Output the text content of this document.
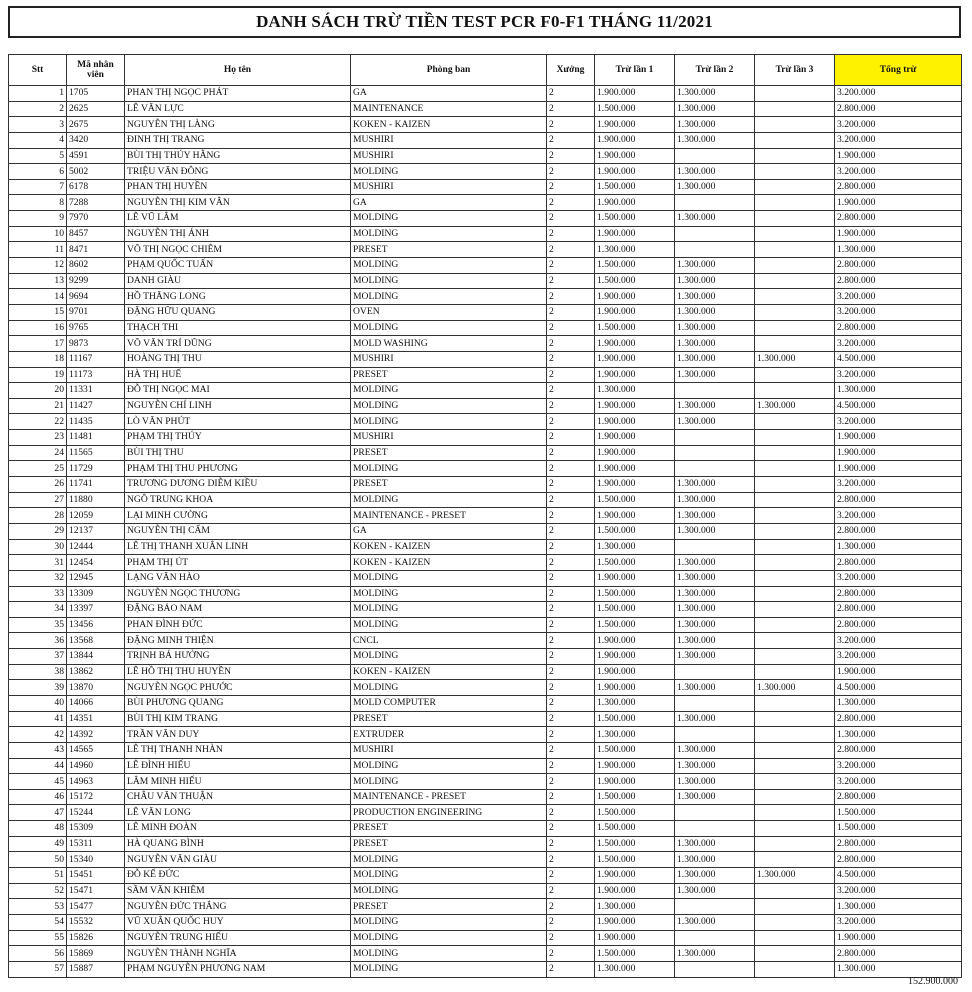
DANH SÁCH TRỪ TIỀN TEST PCR F0-F1 THÁNG 11/2021
Stt	Mã nhân viên	Họ tên	Phòng ban	Xưởng	Trừ lần 1	Trừ lần 2	Trừ lần 3	Tổng trừ
1	1705	PHAN THỊ NGỌC PHÁT	GA	2	1.900.000	1.300.000		3.200.000
2	2625	LÊ VĂN LỰC	MAINTENANCE	2	1.500.000	1.300.000		2.800.000
3	2675	NGUYỄN THỊ LÀNG	KOKEN - KAIZEN	2	1.900.000	1.300.000		3.200.000
4	3420	ĐINH THỊ TRANG	MUSHIRI	2	1.900.000	1.300.000		3.200.000
5	4591	BÙI THỊ THÚY HẰNG	MUSHIRI	2	1.900.000			1.900.000
6	5002	TRIỆU VĂN ĐÔNG	MOLDING	2	1.900.000	1.300.000		3.200.000
7	6178	PHAN THỊ HUYỀN	MUSHIRI	2	1.500.000	1.300.000		2.800.000
8	7288	NGUYỄN THỊ KIM VÂN	GA	2	1.900.000			1.900.000
9	7970	LÊ VŨ LÂM	MOLDING	2	1.500.000	1.300.000		2.800.000
10	8457	NGUYỄN THỊ ÁNH	MOLDING	2	1.900.000			1.900.000
11	8471	VÕ THỊ NGỌC CHIÊM	PRESET	2	1.300.000			1.300.000
12	8602	PHẠM QUỐC TUẤN	MOLDING	2	1.500.000	1.300.000		2.800.000
13	9299	DANH GIÀU	MOLDING	2	1.500.000	1.300.000		2.800.000
14	9694	HỒ THĂNG LONG	MOLDING	2	1.900.000	1.300.000		3.200.000
15	9701	ĐẶNG HỮU QUANG	OVEN	2	1.900.000	1.300.000		3.200.000
16	9765	THẠCH THI	MOLDING	2	1.500.000	1.300.000		2.800.000
17	9873	VÕ VĂN TRÍ DŨNG	MOLD WASHING	2	1.900.000	1.300.000		3.200.000
18	11167	HOÀNG THỊ THU	MUSHIRI	2	1.900.000	1.300.000	1.300.000	4.500.000
19	11173	HÀ THỊ HUẾ	PRESET	2	1.900.000	1.300.000		3.200.000
20	11331	ĐỖ THỊ NGỌC MAI	MOLDING	2	1.300.000			1.300.000
21	11427	NGUYỄN CHÍ LINH	MOLDING	2	1.900.000	1.300.000	1.300.000	4.500.000
22	11435	LÒ VĂN PHÚT	MOLDING	2	1.900.000	1.300.000		3.200.000
23	11481	PHẠM THỊ THÚY	MUSHIRI	2	1.900.000			1.900.000
24	11565	BÙI THỊ THU	PRESET	2	1.900.000			1.900.000
25	11729	PHẠM THỊ THU PHƯƠNG	MOLDING	2	1.900.000			1.900.000
26	11741	TRƯƠNG DƯƠNG DIỄM KIỀU	PRESET	2	1.900.000	1.300.000		3.200.000
27	11880	NGÔ TRUNG KHOA	MOLDING	2	1.500.000	1.300.000		2.800.000
28	12059	LẠI MINH CƯỜNG	MAINTENANCE - PRESET	2	1.900.000	1.300.000		3.200.000
29	12137	NGUYỄN THỊ CẨM	GA	2	1.500.000	1.300.000		2.800.000
30	12444	LÊ THỊ THANH XUÂN LINH	KOKEN - KAIZEN	2	1.300.000			1.300.000
31	12454	PHẠM THỊ ÚT	KOKEN - KAIZEN	2	1.500.000	1.300.000		2.800.000
32	12945	LẠNG VĂN HÀO	MOLDING	2	1.900.000	1.300.000		3.200.000
33	13309	NGUYỄN NGỌC THƯƠNG	MOLDING	2	1.500.000	1.300.000		2.800.000
34	13397	ĐẶNG BẢO NAM	MOLDING	2	1.500.000	1.300.000		2.800.000
35	13456	PHAN ĐÌNH ĐỨC	MOLDING	2	1.500.000	1.300.000		2.800.000
36	13568	ĐẶNG MINH THIỆN	CNCL	2	1.900.000	1.300.000		3.200.000
37	13844	TRỊNH BÁ HƯỞNG	MOLDING	2	1.900.000	1.300.000		3.200.000
38	13862	LÊ HỒ THỊ THU HUYỀN	KOKEN - KAIZEN	2	1.900.000			1.900.000
39	13870	NGUYỄN NGỌC PHƯỚC	MOLDING	2	1.900.000	1.300.000	1.300.000	4.500.000
40	14066	BÙI PHƯƠNG QUANG	MOLD COMPUTER	2	1.300.000			1.300.000
41	14351	BÙI THỊ KIM TRANG	PRESET	2	1.500.000	1.300.000		2.800.000
42	14392	TRẦN VĂN DUY	EXTRUDER	2	1.300.000			1.300.000
43	14565	LÊ THỊ THANH NHÀN	MUSHIRI	2	1.500.000	1.300.000		2.800.000
44	14960	LÊ ĐÌNH HIẾU	MOLDING	2	1.900.000	1.300.000		3.200.000
45	14963	LÂM MINH HIẾU	MOLDING	2	1.900.000	1.300.000		3.200.000
46	15172	CHÂU VĂN THUẬN	MAINTENANCE - PRESET	2	1.500.000	1.300.000		2.800.000
47	15244	LÊ VĂN LONG	PRODUCTION ENGINEERING	2	1.500.000			1.500.000
48	15309	LÊ MINH ĐOÀN	PRESET	2	1.500.000			1.500.000
49	15311	HÀ QUANG BÌNH	PRESET	2	1.500.000	1.300.000		2.800.000
50	15340	NGUYỄN VĂN GIÀU	MOLDING	2	1.500.000	1.300.000		2.800.000
51	15451	ĐỖ KẾ ĐỨC	MOLDING	2	1.900.000	1.300.000	1.300.000	4.500.000
52	15471	SẦM VĂN KHIÊM	MOLDING	2	1.900.000	1.300.000		3.200.000
53	15477	NGUYỄN ĐỨC THẮNG	PRESET	2	1.300.000			1.300.000
54	15532	VŨ XUÂN QUỐC HUY	MOLDING	2	1.900.000	1.300.000		3.200.000
55	15826	NGUYỄN TRUNG HIẾU	MOLDING	2	1.900.000			1.900.000
56	15869	NGUYỄN THÀNH NGHĨA	MOLDING	2	1.500.000	1.300.000		2.800.000
57	15887	PHẠM NGUYỄN PHƯƠNG NAM	MOLDING	2	1.300.000			1.300.000
152.900.000
